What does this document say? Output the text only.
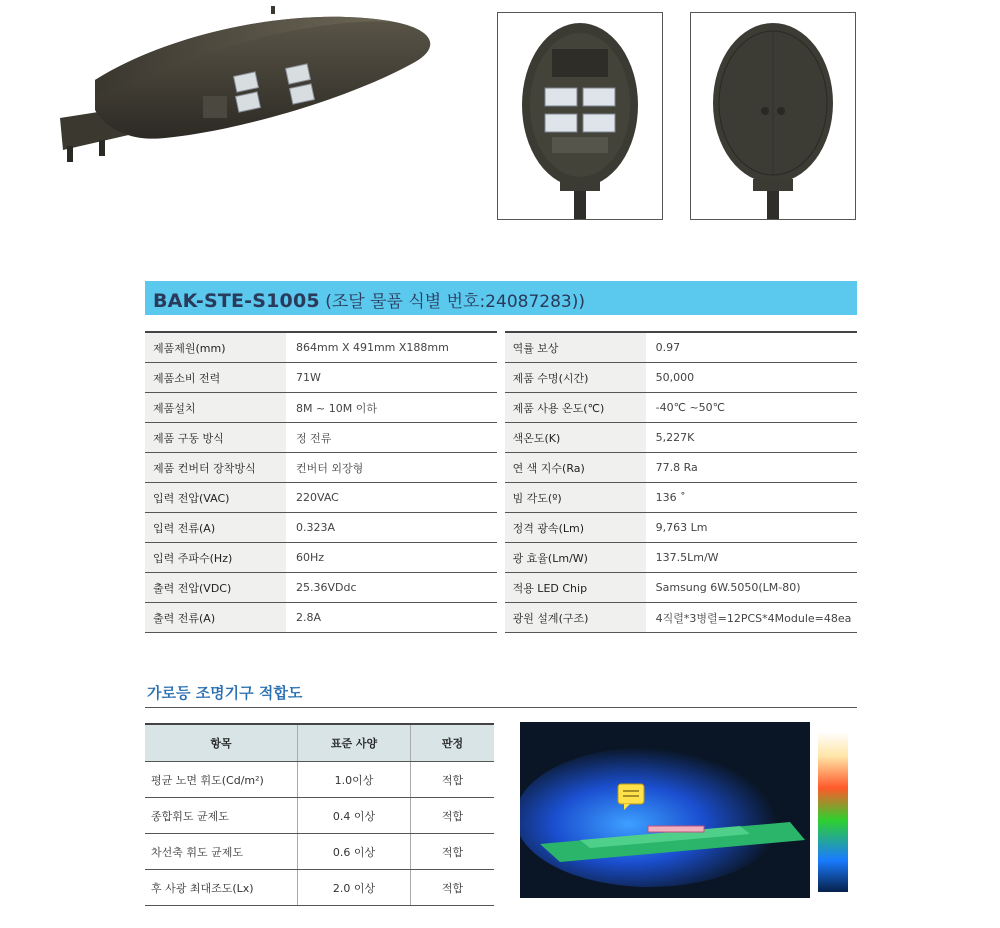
BAK-STE-S1005 (조달 물품 식별 번호:24087283))
제품제원(mm)	864mm X 491mm X188mm		역률 보상	0.97
제품소비 전력	71W		제품 수명(시간)	50,000
제품설치	8M ~ 10M 이하		제품 사용 온도(℃)	-40℃ ~50℃
제품 구동 방식	정 전류		색온도(K)	5,227K
제품 컨버터 장착방식	컨버터 외장형		연 색 지수(Ra)	77.8 Ra
입력 전압(VAC)	220VAC		빔 각도(º)	136 ˚
입력 전류(A)	0.323A		정격 광속(Lm)	9,763 Lm
입력 주파수(Hz)	60Hz		광 효율(Lm/W)	137.5Lm/W
출력 전압(VDC)	25.36VDdc		적용 LED Chip	Samsung 6W.5050(LM-80)
출력 전류(A)	2.8A		광원 설계(구조)	4직렬*3병렬=12PCS*4Module=48ea
가로등 조명기구 적합도
항목	표준 사양	판정
평균 노면 휘도(Cd/m²)	1.0이상	적합
종합휘도 균제도	0.4 이상	적합
차선축 휘도 균제도	0.6 이상	적합
후 사광 최대조도(Lx)	2.0 이상	적합
